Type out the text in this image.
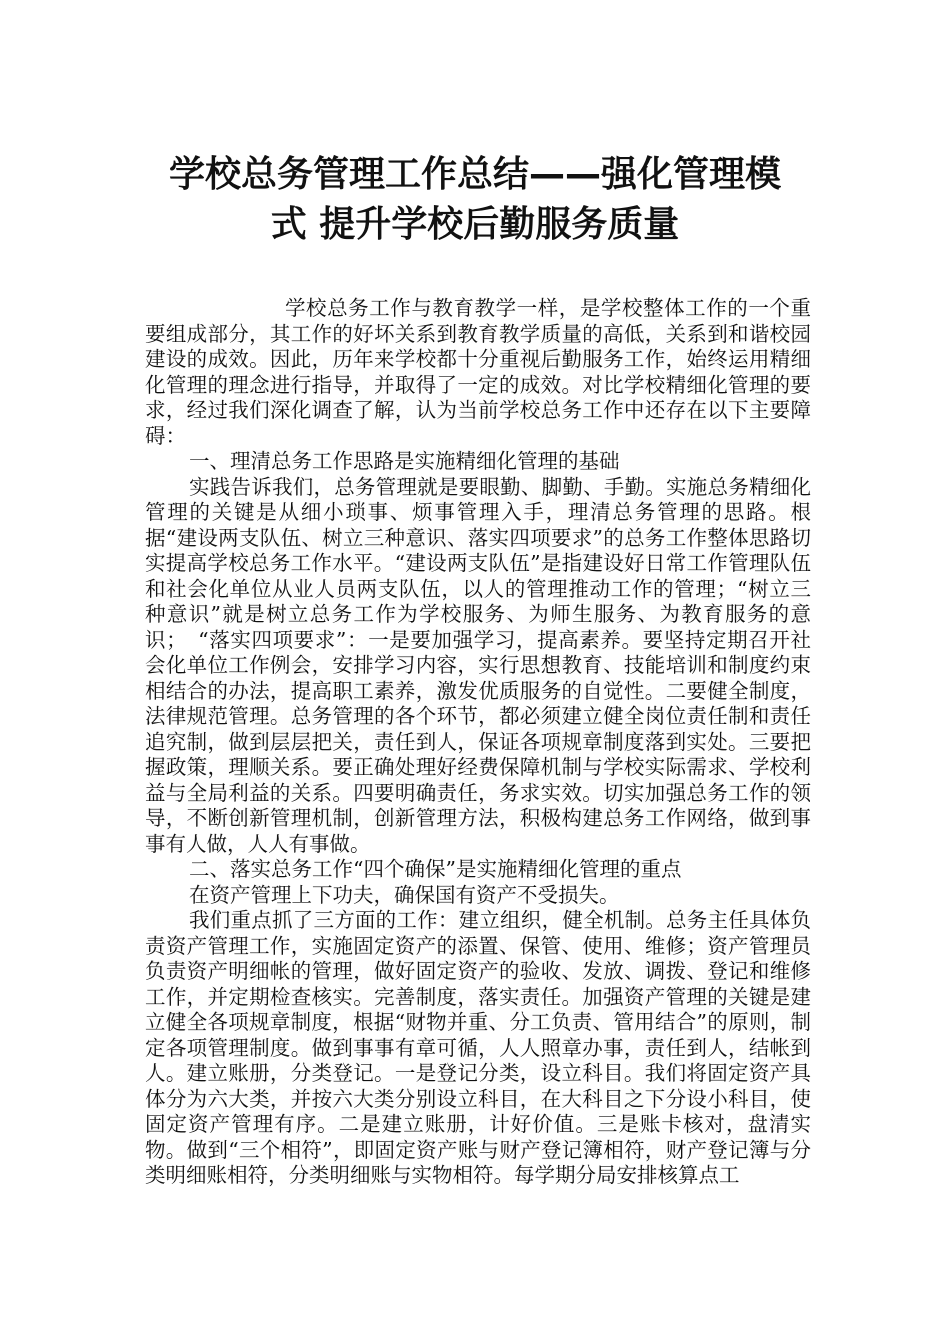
学校总务管理工作总结——强化管理模
式 提升学校后勤服务质量

学校总务工作与教育教学一样，是学校整体工作的一个重要组成部分，其工作的好坏关系到教育教学质量的高低，关系到和谐校园建设的成效。因此，历年来学校都十分重视后勤服务工作，始终运用精细化管理的理念进行指导，并取得了一定的成效。对比学校精细化管理的要求，经过我们深化调查了解，认为当前学校总务工作中还存在以下主要障碍：

一、理清总务工作思路是实施精细化管理的基础

实践告诉我们，总务管理就是要眼勤、脚勤、手勤。实施总务精细化管理的关键是从细小琐事、烦事管理入手，理清总务管理的思路。根据“建设两支队伍、树立三种意识、落实四项要求”的总务工作整体思路切实提高学校总务工作水平。“建设两支队伍”是指建设好日常工作管理队伍和社会化单位从业人员两支队伍，以人的管理推动工作的管理；“树立三种意识”就是树立总务工作为学校服务、为师生服务、为教育服务的意识；　“落实四项要求”：一是要加强学习，提高素养。要坚持定期召开社会化单位工作例会，安排学习内容，实行思想教育、技能培训和制度约束相结合的办法，提高职工素养，激发优质服务的自觉性。二要健全制度，法律规范管理。总务管理的各个环节，都必须建立健全岗位责任制和责任追究制，做到层层把关，责任到人，保证各项规章制度落到实处。三要把握政策，理顺关系。要正确处理好经费保障机制与学校实际需求、学校利益与全局利益的关系。四要明确责任，务求实效。切实加强总务工作的领导，不断创新管理机制，创新管理方法，积极构建总务工作网络，做到事事有人做，人人有事做。

二、落实总务工作“四个确保”是实施精细化管理的重点

在资产管理上下功夫，确保国有资产不受损失。

我们重点抓了三方面的工作：建立组织，健全机制。总务主任具体负责资产管理工作，实施固定资产的添置、保管、使用、维修；资产管理员负责资产明细帐的管理，做好固定资产的验收、发放、调拨、登记和维修工作，并定期检查核实。完善制度，落实责任。加强资产管理的关键是建立健全各项规章制度，根据“财物并重、分工负责、管用结合”的原则，制定各项管理制度。做到事事有章可循，人人照章办事，责任到人，结帐到人。建立账册，分类登记。一是登记分类，设立科目。我们将固定资产具体分为六大类，并按六大类分别设立科目，在大科目之下分设小科目，使固定资产管理有序。二是建立账册，计好价值。三是账卡核对，盘清实物。做到“三个相符”，即固定资产账与财产登记簿相符，财产登记簿与分类明细账相符，分类明细账与实物相符。每学期分局安排核算点工
